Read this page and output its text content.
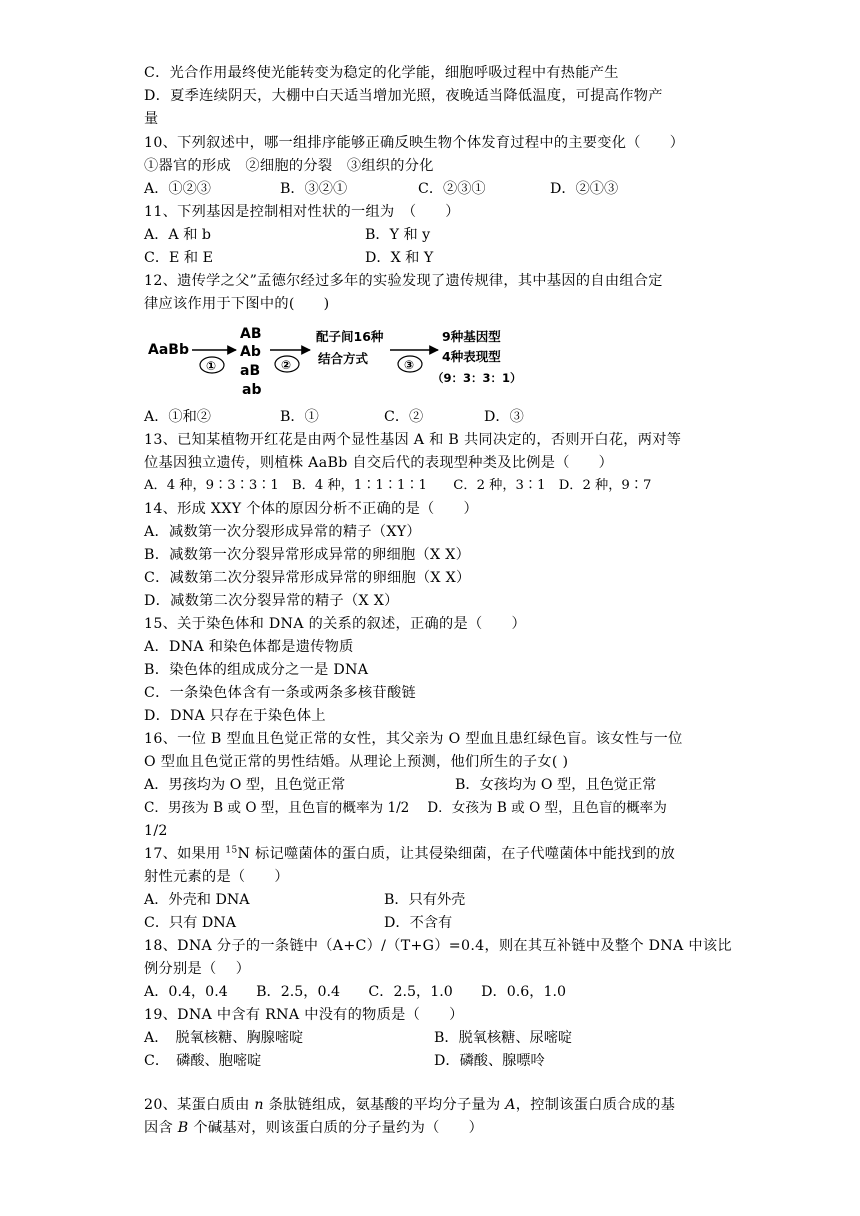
C．光合作用最终使光能转变为稳定的化学能，细胞呼吸过程中有热能产生
D．夏季连续阴天，大棚中白天适当增加光照，夜晚适当降低温度，可提高作物产
量
10、下列叙述中，哪一组排序能够正确反映生物个体发育过程中的主要变化（　　）
①器官的形成　②细胞的分裂　③组织的分化
A．①②③	B．③②①	C．②③①	D．②①③
11、下列基因是控制相对性状的一组为　（　　）
A．A 和 b	B．Y 和 y
C．E 和 E	D．X 和 Y
12、遗传学之父”孟德尔经过多年的实验发现了遗传规律，其中基因的自由组合定
律应该作用于下图中的(　　)
AaBb
①
AB
Ab
aB
ab
②
配子间16种
结合方式	③
9种基因型
4种表现型
（9：3：3：1）
A．①和②	B．①	C．②	D．③
13、已知某植物开红花是由两个显性基因 A 和 B 共同决定的，否则开白花，两对等
位基因独立遗传，则植株 AaBb 自交后代的表现型种类及比例是（　　）
A．4 种，9∶3∶3∶1　B．4 种，1∶1∶1∶1　　C．2 种，3∶1　D．2 种，9∶7
14、形成 XXY 个体的原因分析不正确的是（　　）
A．减数第一次分裂形成异常的精子（XY）
B．减数第一次分裂异常形成异常的卵细胞（X X）
C．减数第二次分裂异常形成异常的卵细胞（X X）
D．减数第二次分裂异常的精子（X X）
15、关于染色体和 DNA 的关系的叙述，正确的是（　　）
A．DNA 和染色体都是遗传物质
B．染色体的组成成分之一是 DNA
C．一条染色体含有一条或两条多核苷酸链
D．DNA 只存在于染色体上
16、一位 B 型血且色觉正常的女性，其父亲为 O 型血且患红绿色盲。该女性与一位
O 型血且色觉正常的男性结婚。从理论上预测，他们所生的子女( )
A．男孩均为 O 型，且色觉正常	B．女孩均为 O 型，且色觉正常
C．男孩为 B 或 O 型，且色盲的概率为 1/2　 D．女孩为 B 或 O 型，且色盲的概率为
1/2
17、如果用 $^{15}$N 标记噬菌体的蛋白质，让其侵染细菌，在子代噬菌体中能找到的放
射性元素的是（　　）
A．外壳和 DNA	B．只有外壳
C．只有 DNA	D．不含有
18、DNA 分子的一条链中（A+C）/（T+G）=0.4，则在其互补链中及整个 DNA 中该比
例分别是（　 ）
A．0.4，0.4　　B．2.5，0.4　　C．2.5，1.0　　D．0.6，1.0
19、DNA 中含有 RNA 中没有的物质是（　　）
A．　脱氧核糖、胸腺嘧啶	B．脱氧核糖、尿嘧啶
C．　磷酸、胞嘧啶	D．磷酸、腺嘌呤
20、某蛋白质由 n 条肽链组成，氨基酸的平均分子量为 A，控制该蛋白质合成的基
因含 B 个碱基对，则该蛋白质的分子量约为（　　）
